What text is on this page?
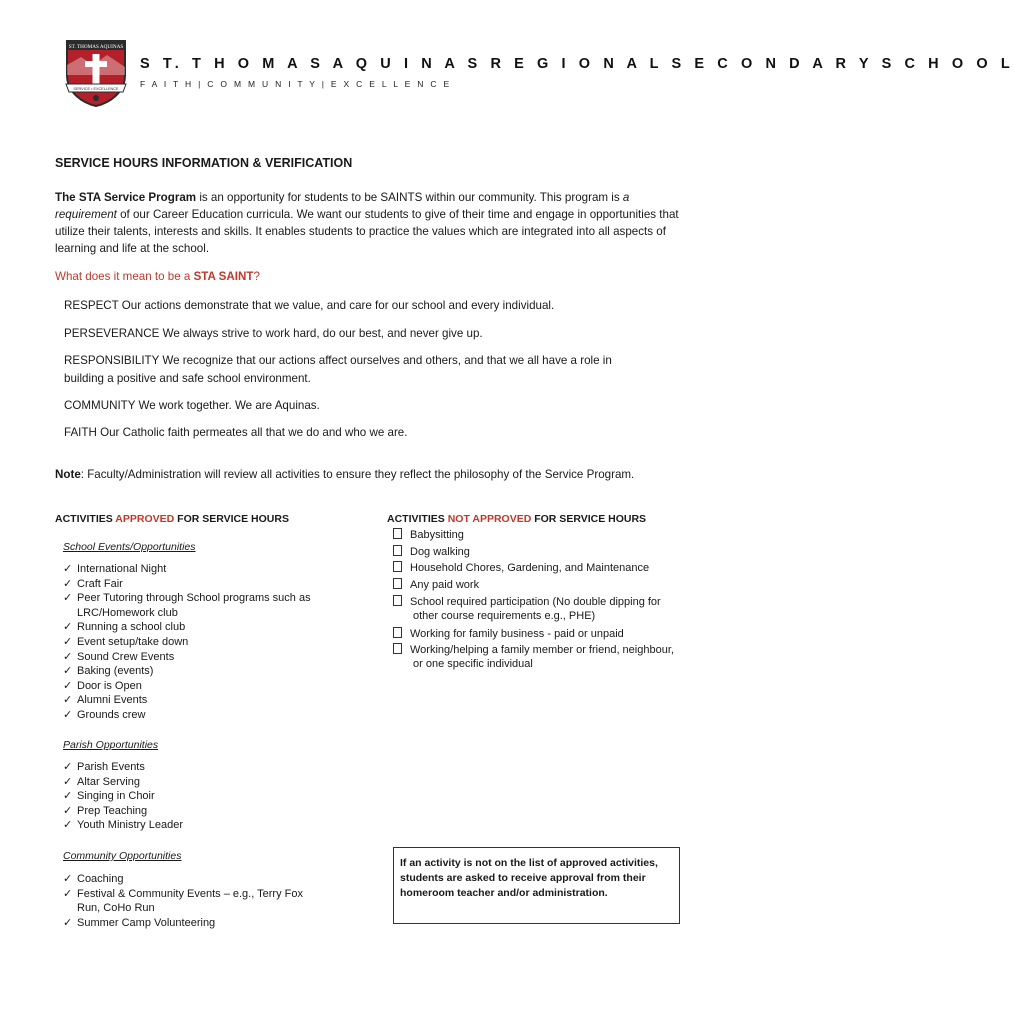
ST. THOMAS AQUINAS
SERVICE • EXCELLENCE
S T. T H O M A S A Q U I N A S R E G I O N A L S E C O N D A R Y S C H O O L
F A I T H | C O M M U N I T Y | E X C E L L E N C E
SERVICE HOURS INFORMATION & VERIFICATION
The STA Service Program is an opportunity for students to be SAINTS within our community. This program is a requirement of our Career Education curricula. We want our students to give of their time and engage in opportunities that utilize their talents, interests and skills. It enables students to practice the values which are integrated into all aspects of learning and life at the school.
What does it mean to be a STA SAINT?
RESPECT Our actions demonstrate that we value, and care for our school and every individual.
PERSEVERANCE We always strive to work hard, do our best, and never give up.
RESPONSIBILITY We recognize that our actions affect ourselves and others, and that we all have a role in building a positive and safe school environment.
COMMUNITY We work together. We are Aquinas.
FAITH Our Catholic faith permeates all that we do and who we are.
Note: Faculty/Administration will review all activities to ensure they reflect the philosophy of the Service Program.
ACTIVITIES APPROVED FOR SERVICE HOURS
School Events/Opportunities
✓ International Night
✓ Craft Fair
✓ Peer Tutoring through School programs such as LRC/Homework club
✓ Running a school club
✓ Event setup/take down
✓ Sound Crew Events
✓ Baking (events)
✓ Door is Open
✓ Alumni Events
✓ Grounds crew
Parish Opportunities
✓ Parish Events
✓ Altar Serving
✓ Singing in Choir
✓ Prep Teaching
✓ Youth Ministry Leader
Community Opportunities
✓ Coaching
✓ Festival & Community Events – e.g., Terry Fox Run, CoHo Run
✓ Summer Camp Volunteering
ACTIVITIES NOT APPROVED FOR SERVICE HOURS
Babysitting
Dog walking
Household Chores, Gardening, and Maintenance
Any paid work
School required participation (No double dipping for other course requirements e.g., PHE)
Working for family business - paid or unpaid
Working/helping a family member or friend, neighbour, or one specific individual
If an activity is not on the list of approved activities, students are asked to receive approval from their homeroom teacher and/or administration.
